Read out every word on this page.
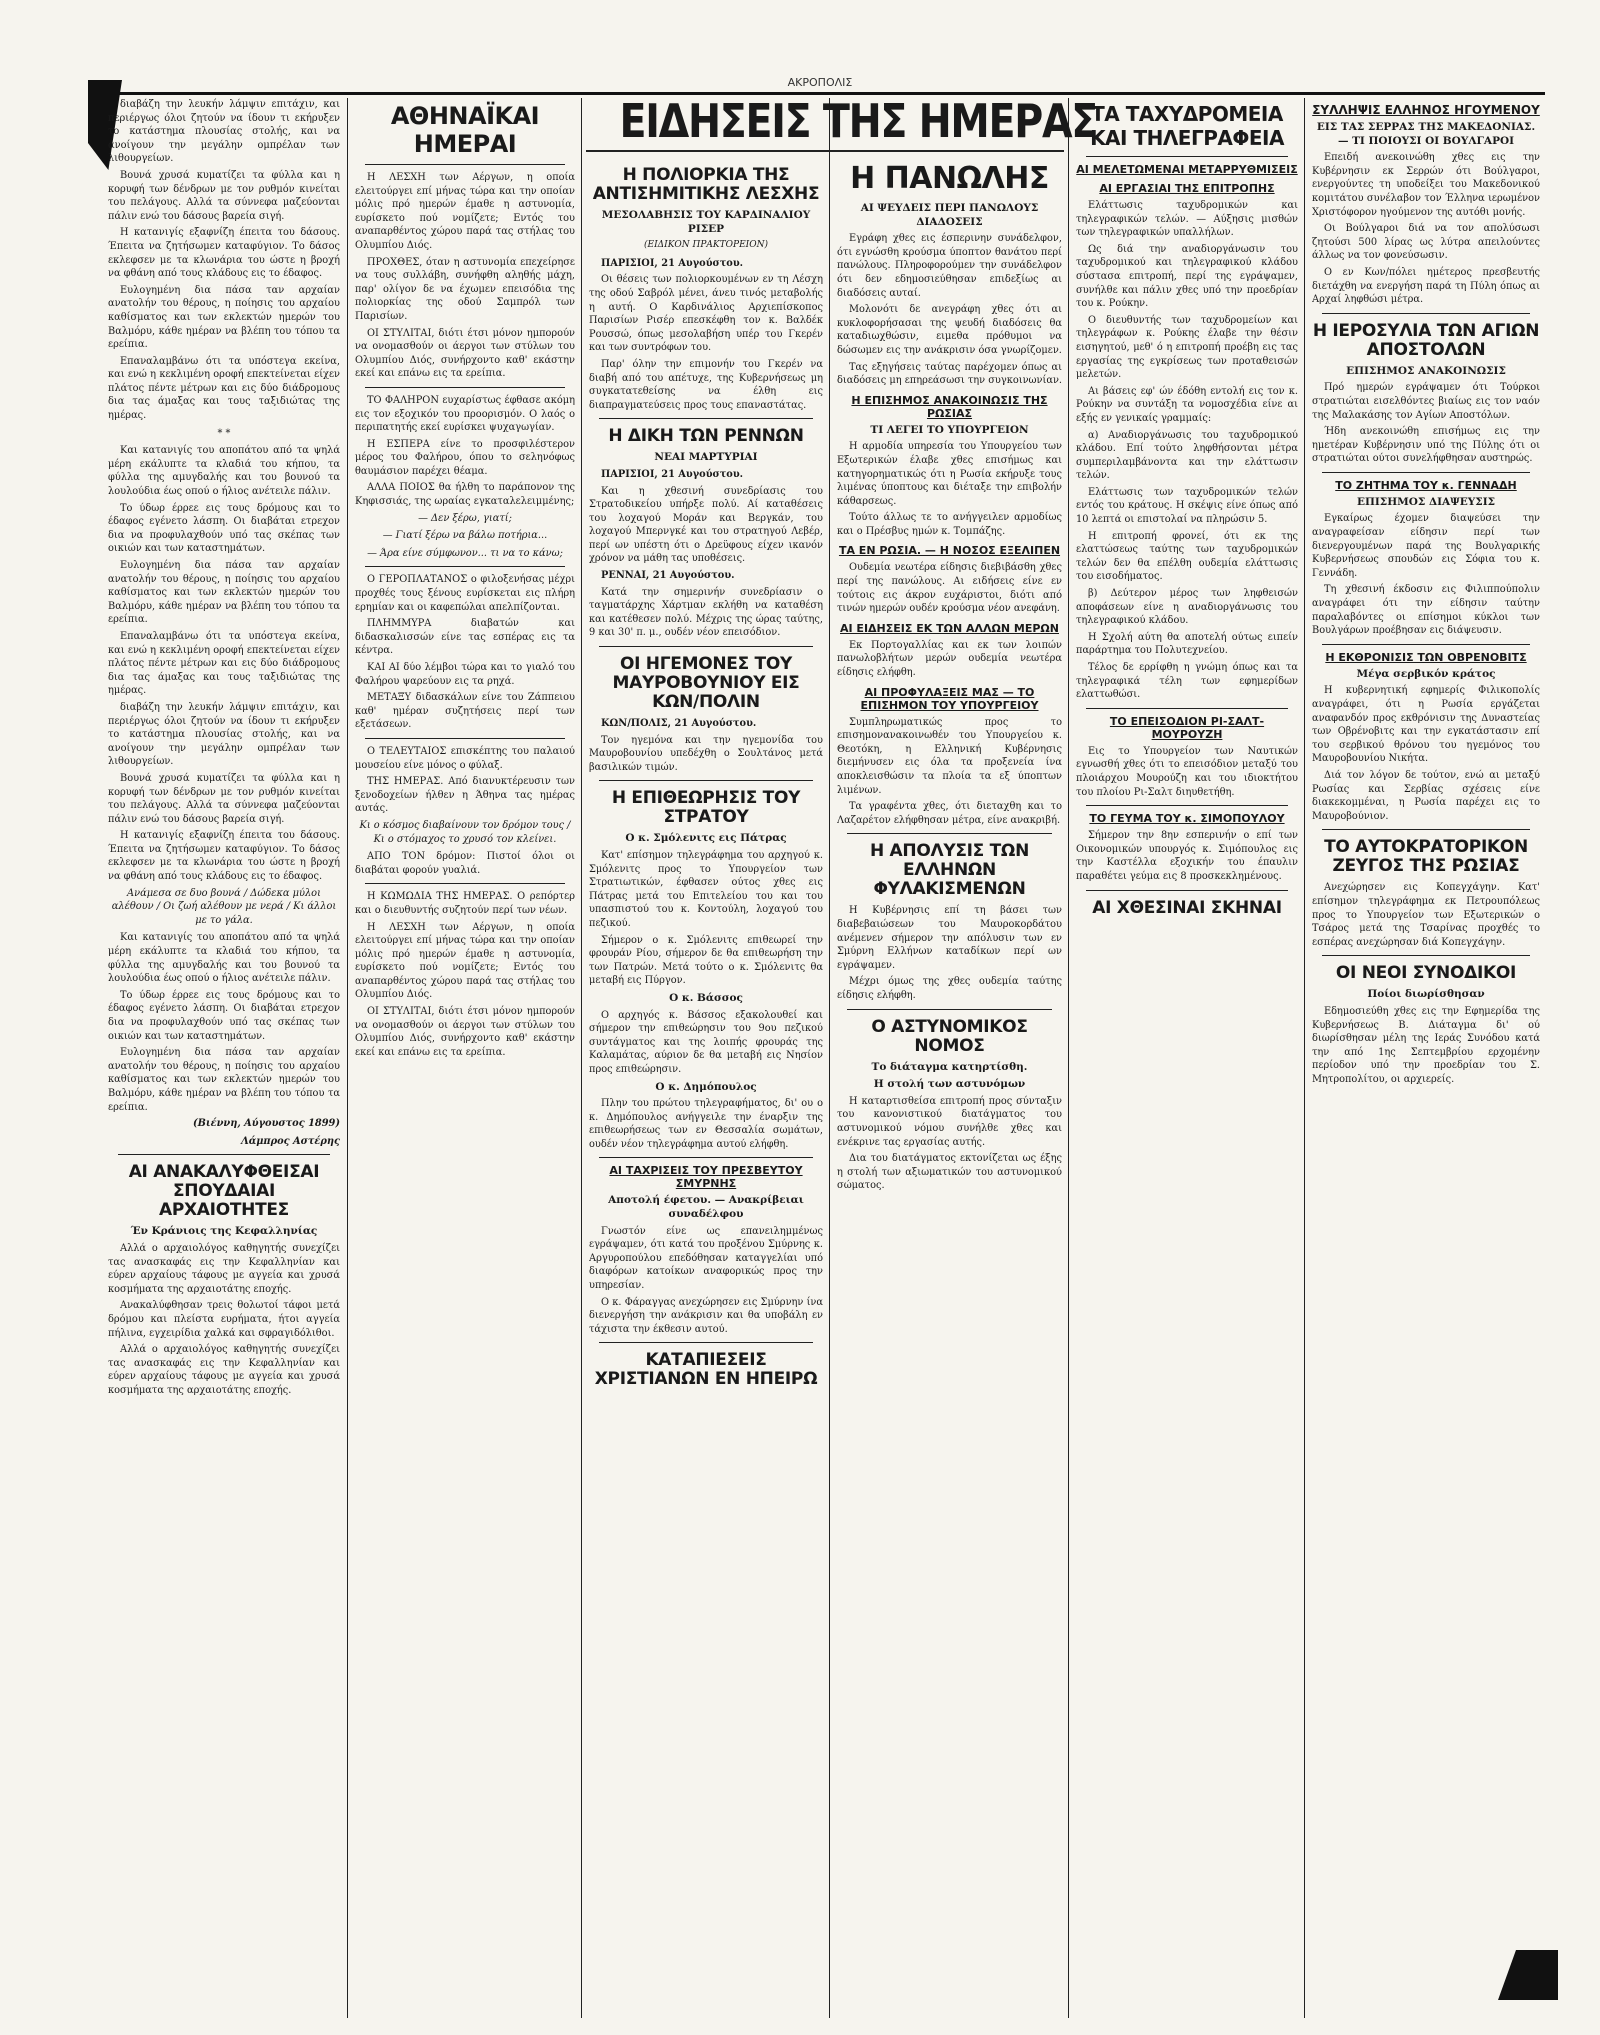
ΑΚΡΟΠΟΛΙΣ

διαβάζη την λευκήν λάμψιν επιτάχιν, και περιέργως όλοι ζητούν να ίδουν τι εκήρυξεν το κατάστημα πλουσίας στολής, και να ανοίγουν την μεγάλην ομπρέλαν των λιθουργείων.

Βουνά χρυσά κυματίζει τα φύλλα και η κορυφή των δένδρων με τον ρυθμόν κινείται του πελάγους. Αλλά τα σύννεφα μαζεύονται πάλιν ενώ του δάσους βαρεία σιγή.

Η κατανιγίς εξαφνίζη έπειτα του δάσους. Έπειτα να ζητήσωμεν καταφύγιον. Το δάσος εκλεφσεν με τα κλωνάρια του ώστε η βροχή να φθάνη από τους κλάδους εις το έδαφος.

Ευλογημένη δια πάσα ταν αρχαίαν ανατολήν του θέρους, η ποίησις του αρχαίου καθίσματος και των εκλεκτών ημερών του Βαλμόρυ, κάθε ημέραν να βλέπη του τόπου τα ερείπια.

Επαναλαμβάνω ότι τα υπόστεγα εκείνα, και ενώ η κεκλιμένη οροφή επεκτείνεται είχεν πλάτος πέντε μέτρων και εις δύο διάδρομους δια τας άμαξας και τους ταξιδιώτας της ημέρας.

* *

Και κατανιγίς του αποπάτου από τα ψηλά μέρη εκάλυπτε τα κλαδιά του κήπου, τα φύλλα της αμυγδαλής και του βουνού τα λουλούδια έως οπού ο ήλιος ανέτειλε πάλιν.

Το ύδωρ έρρεε εις τους δρόμους και το έδαφος εγένετο λάσπη. Οι διαβάται ετρεχον δια να προφυλαχθούν υπό τας σκέπας των οικιών και των καταστημάτων.

Ευλογημένη δια πάσα ταν αρχαίαν ανατολήν του θέρους, η ποίησις του αρχαίου καθίσματος και των εκλεκτών ημερών του Βαλμόρυ, κάθε ημέραν να βλέπη του τόπου τα ερείπια.

Επαναλαμβάνω ότι τα υπόστεγα εκείνα, και ενώ η κεκλιμένη οροφή επεκτείνεται είχεν πλάτος πέντε μέτρων και εις δύο διάδρομους δια τας άμαξας και τους ταξιδιώτας της ημέρας.

διαβάζη την λευκήν λάμψιν επιτάχιν, και περιέργως όλοι ζητούν να ίδουν τι εκήρυξεν το κατάστημα πλουσίας στολής, και να ανοίγουν την μεγάλην ομπρέλαν των λιθουργείων.

Βουνά χρυσά κυματίζει τα φύλλα και η κορυφή των δένδρων με τον ρυθμόν κινείται του πελάγους. Αλλά τα σύννεφα μαζεύονται πάλιν ενώ του δάσους βαρεία σιγή.

Η κατανιγίς εξαφνίζη έπειτα του δάσους. Έπειτα να ζητήσωμεν καταφύγιον. Το δάσος εκλεφσεν με τα κλωνάρια του ώστε η βροχή να φθάνη από τους κλάδους εις το έδαφος.

Ανάμεσα σε δυο βουνά / Δώδεκα μύλοι αλέθουν / Οι ζωή αλέθουν με νερά / Κι άλλοι με το γάλα.

Και κατανιγίς του αποπάτου από τα ψηλά μέρη εκάλυπτε τα κλαδιά του κήπου, τα φύλλα της αμυγδαλής και του βουνού τα λουλούδια έως οπού ο ήλιος ανέτειλε πάλιν.

Το ύδωρ έρρεε εις τους δρόμους και το έδαφος εγένετο λάσπη. Οι διαβάται ετρεχον δια να προφυλαχθούν υπό τας σκέπας των οικιών και των καταστημάτων.

Ευλογημένη δια πάσα ταν αρχαίαν ανατολήν του θέρους, η ποίησις του αρχαίου καθίσματος και των εκλεκτών ημερών του Βαλμόρυ, κάθε ημέραν να βλέπη του τόπου τα ερείπια.

(Βιέννη, Αύγουστος 1899)
Λάμπρος Αστέρης
ΑΙ ΑΝΑΚΑΛΥΦΘΕΙΣΑΙ ΣΠΟΥΔΑΙΑΙ ΑΡΧΑΙΟΤΗΤΕΣ
Έν Κράνιοις της Κεφαλληνίας

Αλλά ο αρχαιολόγος καθηγητής συνεχίζει τας ανασκαφάς εις την Κεφαλληνίαν και εύρεν αρχαίους τάφους με αγγεία και χρυσά κοσμήματα της αρχαιοτάτης εποχής.

Ανακαλύφθησαν τρεις θολωτοί τάφοι μετά δρόμου και πλείστα ευρήματα, ήτοι αγγεία πήλινα, εγχειρίδια χαλκά και σφραγιδόλιθοι.

Αλλά ο αρχαιολόγος καθηγητής συνεχίζει τας ανασκαφάς εις την Κεφαλληνίαν και εύρεν αρχαίους τάφους με αγγεία και χρυσά κοσμήματα της αρχαιοτάτης εποχής.

ΑΘΗΝΑΪΚΑΙ ΗΜΕΡΑΙ

Η ΛΕΣΧΗ των Αέργων, η οποία ελειτούργει επί μήνας τώρα και την οποίαν μόλις πρό ημερών έμαθε η αστυνομία, ευρίσκετο πού νομίζετε; Εντός του αναπαρθέντος χώρου παρά τας στήλας του Ολυμπίου Διός.

ΠΡΟΧΘΕΣ, όταν η αστυνομία επεχείρησε να τους συλλάβη, συνήφθη αληθής μάχη, παρ' ολίγον δε να έχωμεν επεισόδια της πολιορκίας της οδού Σαμπρόλ των Παρισίων.

ΟΙ ΣΤΥΛΙΤΑΙ, διότι έτσι μόνον ημπορούν να ονομασθούν οι άεργοι των στύλων του Ολυμπίου Διός, συνήρχοντο καθ' εκάστην εκεί και επάνω εις τα ερείπια.

ΤΟ ΦΑΛΗΡΟΝ ευχαρίστως έφθασε ακόμη εις τον εξοχικόν του προορισμόν. Ο λαός ο περιπατητής εκεί ευρίσκει ψυχαγωγίαν.

Η ΕΣΠΕΡΑ είνε το προσφιλέστερον μέρος του Φαλήρου, όπου το σεληνόφως θαυμάσιον παρέχει θέαμα.

ΑΛΛΑ ΠΟΙΟΣ θα ήλθη το παράπονον της Κηφισσιάς, της ωραίας εγκαταλελειμμένης;

— Δεν ξέρω, γιατί;
— Γιατί ξέρω να βάλω ποτήρια...
— Άρα είνε σύμφωνον... τι να το κάνω;

Ο ΓΕΡΟΠΛΑΤΑΝΟΣ ο φιλοξενήσας μέχρι προχθές τους ξένους ευρίσκεται εις πλήρη ερημίαν και οι καφεπώλαι απελπίζονται.

ΠΛΗΜΜΥΡΑ διαβατών και διδασκαλισσών είνε τας εσπέρας εις τα κέντρα.

ΚΑΙ ΑΙ δύο λέμβοι τώρα και το γιαλό του Φαλήρου ψαρεύουν εις τα ρηχά.

ΜΕΤΑΞΥ διδασκάλων είνε του Ζάππειου καθ' ημέραν συζητήσεις περί των εξετάσεων.

Ο ΤΕΛΕΥΤΑΙΟΣ επισκέπτης του παλαιού μουσείου είνε μόνος ο φύλαξ.

ΤΗΣ ΗΜΕΡΑΣ. Από διανυκτέρευσιν των ξενοδοχείων ήλθεν η Άθηνα τας ημέρας αυτάς.

Κι ο κόσμος διαβαίνουν τον δρόμον τους / Κι ο στόμαχος το χρυσό τον κλείνει.

ΑΠΟ ΤΟΝ δρόμον: Πιστοί όλοι οι διαβάται φορούν γυαλιά.

Η ΚΩΜΩΔΙΑ ΤΗΣ ΗΜΕΡΑΣ. Ο ρεπόρτερ και ο διευθυντής συζητούν περί των νέων.

Η ΛΕΣΧΗ των Αέργων, η οποία ελειτούργει επί μήνας τώρα και την οποίαν μόλις πρό ημερών έμαθε η αστυνομία, ευρίσκετο πού νομίζετε; Εντός του αναπαρθέντος χώρου παρά τας στήλας του Ολυμπίου Διός.

ΟΙ ΣΤΥΛΙΤΑΙ, διότι έτσι μόνον ημπορούν να ονομασθούν οι άεργοι των στύλων του Ολυμπίου Διός, συνήρχοντο καθ' εκάστην εκεί και επάνω εις τα ερείπια.

ΕΙΔΗΣΕΙΣ ΤΗΣ ΗΜΕΡΑΣ
Η ΠΟΛΙΟΡΚΙΑ ΤΗΣ ΑΝΤΙΣΗΜΙΤΙΚΗΣ ΛΕΣΧΗΣ
ΜΕΣΟΛΑΒΗΣΙΣ ΤΟΥ ΚΑΡΔΙΝΑΛΙΟΥ ΡΙΣΕΡ
(ΕΙΔΙΚΟΝ ΠΡΑΚΤΟΡΕΙΟΝ)
ΠΑΡΙΣΙΟΙ, 21 Αυγούστου.

Οι θέσεις των πολιορκουμένων εν τη Λέσχη της οδού Σαβρόλ μένει, άνευ τινός μεταβολής η αυτή. Ο Καρδινάλιος Αρχιεπίσκοπος Παρισίων Ρισέρ επεσκέφθη τον κ. Βαλδέκ Ρουσσώ, όπως μεσολαβήση υπέρ του Γκερέν και των συντρόφων του.

Παρ' όλην την επιμονήν του Γκερέν να διαβή από του απέτυχε, της Κυβερνήσεως μη συγκατατεθείσης να έλθη εις διαπραγματεύσεις προς τους επαναστάτας.

Η ΔΙΚΗ ΤΩΝ ΡΕΝΝΩΝ
ΝΕΑΙ ΜΑΡΤΥΡΙΑΙ
ΠΑΡΙΣΙΟΙ, 21 Αυγούστου.

Και η χθεσινή συνεδρίασις του Στρατοδικείου υπήρξε πολύ. Αί καταθέσεις του λοχαγού Μοράν και Βεργκάν, του λοχαγού Μπερνγκέ και του στρατηγού Λεβέρ, περί ων υπέστη ότι ο Δρεϋφους είχεν ικανόν χρόνον να μάθη τας υποθέσεις.

ΡΕΝΝΑΙ, 21 Αυγούστου.

Κατά την σημερινήν συνεδρίασιν ο ταγματάρχης Χάρτμαν εκλήθη να καταθέση και κατέθεσεν πολύ. Μέχρις της ώρας ταύτης, 9 και 30' π. μ., ουδέν νέον επεισόδιον.

ΟΙ ΗΓΕΜΟΝΕΣ ΤΟΥ ΜΑΥΡΟΒΟΥΝΙΟΥ ΕΙΣ ΚΩΝ/ΠΟΛΙΝ
ΚΩΝ/ΠΟΛΙΣ, 21 Αυγούστου.

Τον ηγεμόνα και την ηγεμονίδα του Μαυροβουνίου υπεδέχθη ο Σουλτάνος μετά βασιλικών τιμών.

Η ΕΠΙΘΕΩΡΗΣΙΣ ΤΟΥ ΣΤΡΑΤΟΥ
Ο κ. Σμόλενιτς εις Πάτρας

Κατ' επίσημον τηλεγράφημα του αρχηγού κ. Σμόλενιτς προς το Υπουργείον των Στρατιωτικών, έφθασεν ούτος χθες εις Πάτρας μετά του Επιτελείου του και του υπασπιστού του κ. Κοντούλη, λοχαγού του πεζικού.

Σήμερον ο κ. Σμόλενιτς επιθεωρεί την φρουράν Ρίου, σήμερον δε θα επιθεωρήση την των Πατρών. Μετά τούτο ο κ. Σμόλενιτς θα μεταβή εις Πύργον.

Ο κ. Βάσσος

Ο αρχηγός κ. Βάσσος εξακολουθεί και σήμερον την επιθεώρησιν του 9ου πεζικού συντάγματος και της λοιπής φρουράς της Καλαμάτας, αύριον δε θα μεταβή εις Νησίον προς επιθεώρησιν.

Ο κ. Δημόπουλος

Πλην του πρώτου τηλεγραφήματος, δι' ου ο κ. Δημόπουλος ανήγγειλε την έναρξιν της επιθεωρήσεως των εν Θεσσαλία σωμάτων, ουδέν νέον τηλεγράφημα αυτού ελήφθη.

ΑΙ ΤΑΧΡΙΣΕΙΣ ΤΟΥ ΠΡΕΣΒΕΥΤΟΥ ΣΜΥΡΝΗΣ
Αποτολή έφετου. — Ανακρίβειαι συναδέλφου

Γνωστόν είνε ως επανειλημμένως εγράψαμεν, ότι κατά του προξένου Σμύρνης κ. Αργυροπούλου επεδόθησαν καταγγελίαι υπό διαφόρων κατοίκων αναφορικώς προς την υπηρεσίαν.

Ο κ. Φάραγγας ανεχώρησεν εις Σμύρνην ίνα διενεργήση την ανάκρισιν και θα υποβάλη εν τάχιστα την έκθεσιν αυτού.

ΚΑΤΑΠΙΕΣΕΙΣ ΧΡΙΣΤΙΑΝΩΝ ΕΝ ΗΠΕΙΡΩ
Η ΠΑΝΩΛΗΣ
ΑΙ ΨΕΥΔΕΙΣ ΠΕΡΙ ΠΑΝΩΛΟΥΣ ΔΙΑΔΟΣΕΙΣ

Εγράφη χθες εις έσπερινην συνάδελφον, ότι εγνώσθη κρούσμα ύποπτον θανάτου περί πανώλους. Πληροφορούμεν την συνάδελφον ότι δεν εδημοσιεύθησαν επιδεξίως αι διαδόσεις αυταί.

Μολονότι δε ανεγράφη χθες ότι αι κυκλοφορήσασαι της ψευδή διαδόσεις θα καταδιωχθώσιν, ειμεθα πρόθυμοι να δώσωμεν εις την ανάκρισιν όσα γνωρίζομεν.

Τας εξηγήσεις ταύτας παρέχομεν όπως αι διαδόσεις μη επηρεάσωσι την συγκοινωνίαν.

Η ΕΠΙΣΗΜΟΣ ΑΝΑΚΟΙΝΩΣΙΣ ΤΗΣ ΡΩΣΙΑΣ
ΤΙ ΛΕΓΕΙ ΤΟ ΥΠΟΥΡΓΕΙΟΝ

Η αρμοδία υπηρεσία του Υπουργείου των Εξωτερικών έλαβε χθες επισήμως και κατηγορηματικώς ότι η Ρωσία εκήρυξε τους λιμένας ύποπτους και διέταξε την επιβολήν κάθαρσεως.

Τούτο άλλως τε το ανήγγειλεν αρμοδίως και ο Πρέσβυς ημών κ. Τομπάζης.

ΤΑ ΕΝ ΡΩΣΙΑ. — Η ΝΟΣΟΣ ΕΞΕΛΙΠΕΝ

Ουδεμία νεωτέρα είδησις διεβιβάσθη χθες περί της πανώλους. Αι ειδήσεις είνε εν τούτοις εις άκρον ευχάριστοι, διότι από τινών ημερών ουδέν κρούσμα νέον ανεφάνη.

ΑΙ ΕΙΔΗΣΕΙΣ ΕΚ ΤΩΝ ΑΛΛΩΝ ΜΕΡΩΝ

Εκ Πορτογαλλίας και εκ των λοιπών πανωλοβλήτων μερών ουδεμία νεωτέρα είδησις ελήφθη.

ΑΙ ΠΡΟΦΥΛΑΞΕΙΣ ΜΑΣ — ΤΟ ΕΠΙΣΗΜΟΝ ΤΟΥ ΥΠΟΥΡΓΕΙΟΥ

Συμπληρωματικώς προς το επισημονανακοινωθέν του Υπουργείου κ. Θεοτόκη, η Ελληνική Κυβέρνησις διεμήνυσεν εις όλα τα προξενεία ίνα αποκλεισθώσιν τα πλοία τα εξ ύποπτων λιμένων.

Τα γραφέντα χθες, ότι διεταχθη και το Λαζαρέτον ελήφθησαν μέτρα, είνε ανακριβή.

Η ΑΠΟΛΥΣΙΣ ΤΩΝ ΕΛΛΗΝΩΝ ΦΥΛΑΚΙΣΜΕΝΩΝ

Η Κυβέρνησις επί τη βάσει των διαβεβαιώσεων του Μαυροκορδάτου ανέμενεν σήμερον την απόλυσιν των εν Σμύρνη Ελλήνων καταδίκων περί ων εγράψαμεν.

Μέχρι όμως της χθες ουδεμία ταύτης είδησις ελήφθη.

Ο ΑΣΤΥΝΟΜΙΚΟΣ ΝΟΜΟΣ
Το διάταγμα κατηρτίσθη.
Η στολή των αστυνόμων

Η καταρτισθείσα επιτροπή προς σύνταξιν του κανονιστικού διατάγματος του αστυνομικού νόμου συνήλθε χθες και ενέκρινε τας εργασίας αυτής.

Δια του διατάγματος εκτονίζεται ως έξης η στολή των αξιωματικών του αστυνομικού σώματος.

ΤΑ ΤΑΧΥΔΡΟΜΕΙΑ ΚΑΙ ΤΗΛΕΓΡΑΦΕΙΑ
ΑΙ ΜΕΛΕΤΩΜΕΝΑΙ ΜΕΤΑΡΡΥΘΜΙΣΕΙΣ
ΑΙ ΕΡΓΑΣΙΑΙ ΤΗΣ ΕΠΙΤΡΟΠΗΣ

Ελάττωσις ταχυδρομικών και τηλεγραφικών τελών. — Αύξησις μισθών των τηλεγραφικών υπαλλήλων.

Ως διά την αναδιοργάνωσιν του ταχυδρομικού και τηλεγραφικού κλάδου σύστασα επιτροπή, περί της εγράψαμεν, συνήλθε και πάλιν χθες υπό την προεδρίαν του κ. Ρούκην.

Ο διευθυντής των ταχυδρομείων και τηλεγράφων κ. Ρούκης έλαβε την θέσιν εισηγητού, μεθ' ό η επιτροπή προέβη εις τας εργασίας της εγκρίσεως των προταθεισών μελετών.

Αι βάσεις εφ' ών έδόθη εντολή εις τον κ. Ρούκην να συντάξη τα νομοσχέδια είνε αι εξής εν γενικαίς γραμμαίς:

α) Αναδιοργάνωσις του ταχυδρομικού κλάδου. Επί τούτο ληφθήσονται μέτρα συμπεριλαμβάνοντα και την ελάττωσιν τελών.

Ελάττωσις των ταχυδρομικών τελών εντός του κράτους. Η σκέψις είνε όπως από 10 λεπτά οι επιστολαί να πληρώσιν 5.

Η επιτροπή φρονεί, ότι εκ της ελαττώσεως ταύτης των ταχυδρομικών τελών δεν θα επέλθη ουδεμία ελάττωσις του εισοδήματος.

β) Δεύτερον μέρος των ληφθεισών αποφάσεων είνε η αναδιοργάνωσις του τηλεγραφικού κλάδου.

Η Σχολή αύτη θα αποτελή ούτως ειπείν παράρτημα του Πολυτεχνείου.

Τέλος δε ερρίφθη η γνώμη όπως και τα τηλεγραφικά τέλη των εφημερίδων ελαττωθώσι.

ΤΟ ΕΠΕΙΣΟΔΙΟΝ ΡΙ-ΣΑΛΤ-ΜΟΥΡΟΥΖΗ

Εις το Υπουργείον των Ναυτικών εγνωσθή χθες ότι το επεισόδιον μεταξύ του πλοιάρχου Μουρούζη και του ιδιοκτήτου του πλοίου Ρι-Σαλτ διηυθετήθη.

ΤΟ ΓΕΥΜΑ ΤΟΥ κ. ΣΙΜΟΠΟΥΛΟΥ

Σήμερον την 8ην εσπερινήν ο επί των Οικονομικών υπουργός κ. Σιμόπουλος εις την Καστέλλα εξοχικήν του έπαυλιν παραθέτει γεύμα εις 8 προσκεκλημένους.

ΑΙ ΧΘΕΣΙΝΑΙ ΣΚΗΝΑΙ
ΣΥΛΛΗΨΙΣ ΕΛΛΗΝΟΣ ΗΓΟΥΜΕΝΟΥ
ΕΙΣ ΤΑΣ ΣΕΡΡΑΣ ΤΗΣ ΜΑΚΕΔΟΝΙΑΣ. — ΤΙ ΠΟΙΟΥΣΙ ΟΙ ΒΟΥΛΓΑΡΟΙ

Επειδή ανεκοινώθη χθες εις την Κυβέρνησιν εκ Σερρών ότι Βούλγαροι, ενεργούντες τη υποδείξει του Μακεδονικού κομιτάτου συνέλαβον τον Έλληνα ιερωμένον Χριστόφορον ηγούμενον της αυτόθι μονής.

Οι Βούλγαροι διά να τον απολύσωσι ζητούσι 500 λίρας ως λύτρα απειλούντες άλλως να τον φονεύσωσιν.

Ο εν Κων/πόλει ημέτερος πρεσβευτής διετάχθη να ενεργήση παρά τη Πύλη όπως αι Αρχαί ληφθώσι μέτρα.

Η ΙΕΡΟΣΥΛΙΑ ΤΩΝ ΑΓΙΩΝ ΑΠΟΣΤΟΛΩΝ
ΕΠΙΣΗΜΟΣ ΑΝΑΚΟΙΝΩΣΙΣ

Πρό ημερών εγράψαμεν ότι Τούρκοι στρατιώται εισελθόντες βιαίως εις τον ναόν της Μαλακάσης τον Αγίων Αποστόλων.

Ήδη ανεκοινώθη επισήμως εις την ημετέραν Κυβέρνησιν υπό της Πύλης ότι οι στρατιώται ούτοι συνελήφθησαν αυστηρώς.

ΤΟ ΖΗΤΗΜΑ ΤΟΥ κ. ΓΕΝΝΑΔΗ
ΕΠΙΣΗΜΟΣ ΔΙΑΨΕΥΣΙΣ

Εγκαίρως έχομεν διαψεύσει την αναγραφείσαν είδησιν περί των διενεργουμένων παρά της Βουλγαρικής Κυβερνήσεως σπουδών εις Σόφια του κ. Γεννάδη.

Τη χθεσινή έκδοσιν εις Φιλιππούπολιν αναγράφει ότι την είδησιν ταύτην παραλαβόντες οι επίσημοι κύκλοι των Βουλγάρων προέβησαν εις διάψευσιν.

Η ΕΚΘΡΟΝΙΣΙΣ ΤΩΝ ΟΒΡΕΝΟΒΙΤΣ
Μέγα σερβικόν κράτος

Η κυβερνητική εφημερίς Φιλικοπολίς αναγράφει, ότι η Ρωσία εργάζεται αναφανδόν προς εκθρόνισιν της Δυναστείας των Οβρένοβιτς και την εγκατάστασιν επί του σερβικού θρόνου του ηγεμόνος του Μαυροβουνίου Νικήτα.

Διά τον λόγον δε τούτον, ενώ αι μεταξύ Ρωσίας και Σερβίας σχέσεις είνε διακεκομμέναι, η Ρωσία παρέχει εις το Μαυροβούνιον.

ΤΟ ΑΥΤΟΚΡΑΤΟΡΙΚΟΝ ΖΕΥΓΟΣ ΤΗΣ ΡΩΣΙΑΣ

Ανεχώρησεν εις Κοπεγχάγην. Κατ' επίσημον τηλεγράφημα εκ Πετρουπόλεως προς το Υπουργείον των Εξωτερικών ο Τσάρος μετά της Τσαρίνας προχθές το εσπέρας ανεχώρησαν διά Κοπεγχάγην.

ΟΙ ΝΕΟΙ ΣΥΝΟΔΙΚΟΙ
Ποίοι διωρίσθησαν

Εδημοσιεύθη χθες εις την Εφημερίδα της Κυβερνήσεως Β. Διάταγμα δι' ού διωρίσθησαν μέλη της Ιεράς Συνόδου κατά την από 1ης Σεπτεμβρίου ερχομένην περίοδον υπό την προεδρίαν του Σ. Μητροπολίτου, οι αρχιερείς.
